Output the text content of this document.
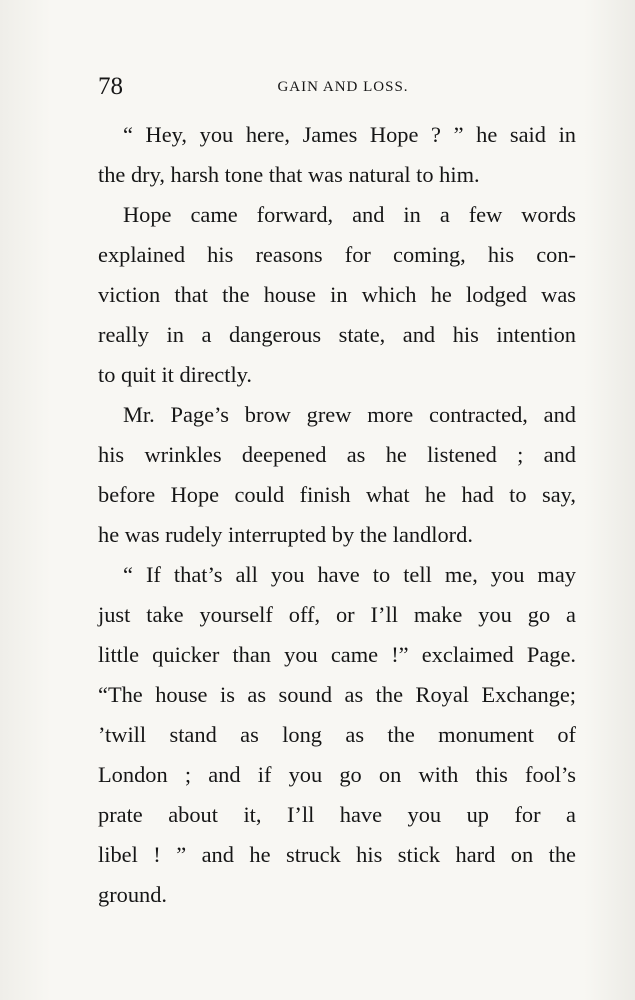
78	GAIN AND LOSS.
“ Hey, you here, James Hope ? ” he said in
the dry, harsh tone that was natural to him.
Hope came forward, and in a few words
explained his reasons for coming, his con-
viction that the house in which he lodged was
really in a dangerous state, and his intention
to quit it directly.
Mr. Page’s brow grew more contracted, and
his wrinkles deepened as he listened ; and
before Hope could finish what he had to say,
he was rudely interrupted by the landlord.
“ If that’s all you have to tell me, you may
just take yourself off, or I’ll make you go a
little quicker than you came !” exclaimed Page.
“The house is as sound as the Royal Exchange;
’twill stand as long as the monument of
London ; and if you go on with this fool’s
prate about it, I’ll have you up for a
libel ! ” and he struck his stick hard on the
ground.
